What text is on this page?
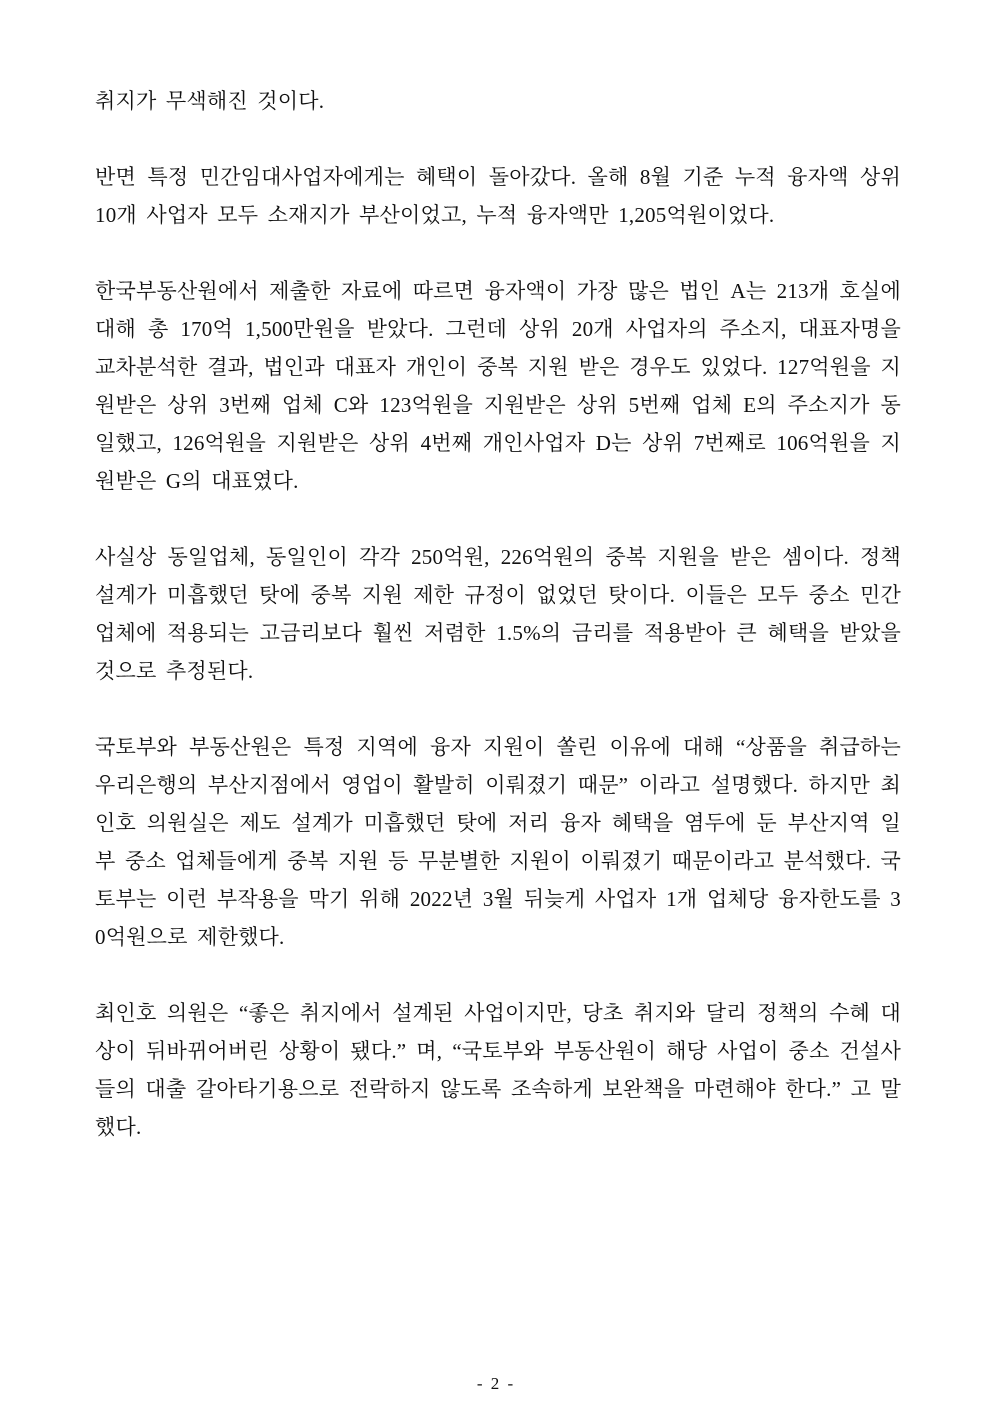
취지가 무색해진 것이다.

반면 특정 민간임대사업자에게는 혜택이 돌아갔다. 올해 8월 기준 누적 융자액 상위 10개 사업자 모두 소재지가 부산이었고, 누적 융자액만 1,205억원이었다.

한국부동산원에서 제출한 자료에 따르면 융자액이 가장 많은 법인 A는 213개 호실에 대해 총 170억 1,500만원을 받았다. 그런데 상위 20개 사업자의 주소지, 대표자명을 교차분석한 결과, 법인과 대표자 개인이 중복 지원 받은 경우도 있었다. 127억원을 지원받은 상위 3번째 업체 C와 123억원을 지원받은 상위 5번째 업체 E의 주소지가 동일했고, 126억원을 지원받은 상위 4번째 개인사업자 D는 상위 7번째로 106억원을 지원받은 G의 대표였다.

사실상 동일업체, 동일인이 각각 250억원, 226억원의 중복 지원을 받은 셈이다. 정책 설계가 미흡했던 탓에 중복 지원 제한 규정이 없었던 탓이다. 이들은 모두 중소 민간업체에 적용되는 고금리보다 훨씬 저렴한 1.5%의 금리를 적용받아 큰 혜택을 받았을 것으로 추정된다.

국토부와 부동산원은 특정 지역에 융자 지원이 쏠린 이유에 대해 “상품을 취급하는 우리은행의 부산지점에서 영업이 활발히 이뤄졌기 때문” 이라고 설명했다. 하지만 최인호 의원실은 제도 설계가 미흡했던 탓에 저리 융자 혜택을 염두에 둔 부산지역 일부 중소 업체들에게 중복 지원 등 무분별한 지원이 이뤄졌기 때문이라고 분석했다. 국토부는 이런 부작용을 막기 위해 2022년 3월 뒤늦게 사업자 1개 업체당 융자한도를 30억원으로 제한했다.

최인호 의원은 “좋은 취지에서 설계된 사업이지만, 당초 취지와 달리 정책의 수혜 대상이 뒤바뀌어버린 상황이 됐다.” 며, “국토부와 부동산원이 해당 사업이 중소 건설사들의 대출 갈아타기용으로 전락하지 않도록 조속하게 보완책을 마련해야 한다.” 고 말했다.

- 2 -
